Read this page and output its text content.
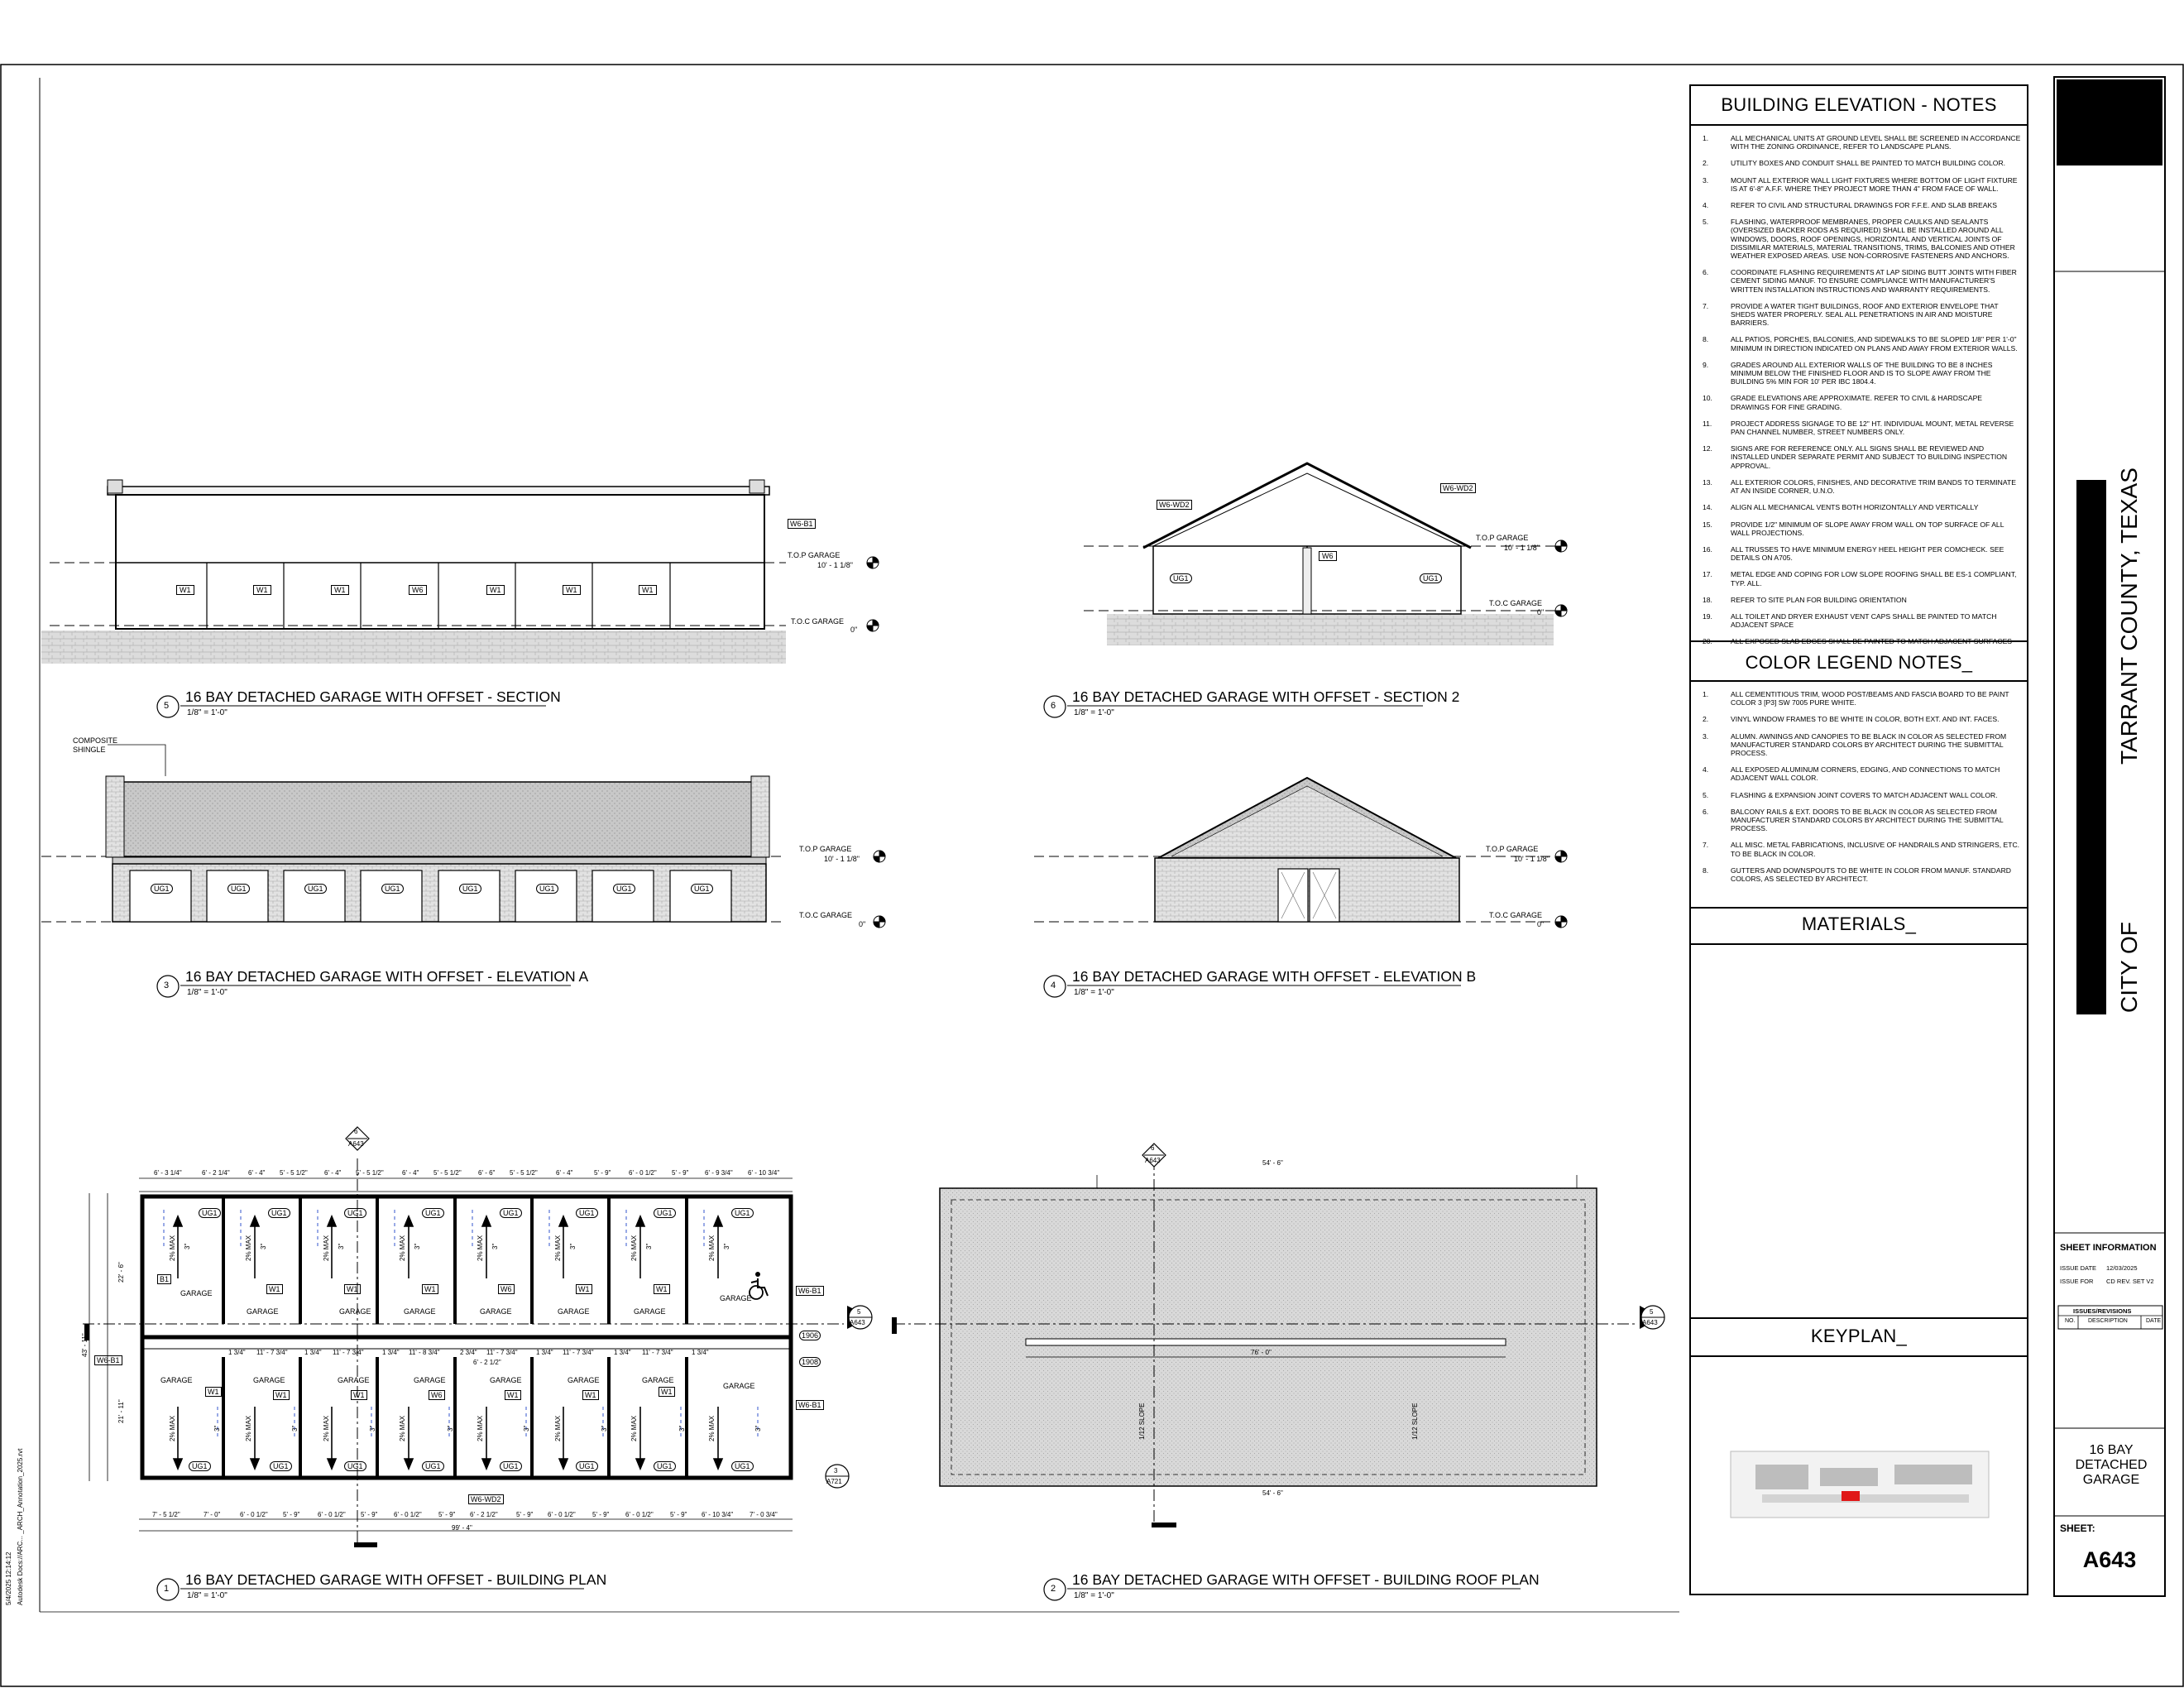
5
16 BAY DETACHED GARAGE WITH OFFSET - SECTION
1/8" = 1'-0"
6
16 BAY DETACHED GARAGE WITH OFFSET - SECTION 2
1/8" = 1'-0"
3
16 BAY DETACHED GARAGE WITH OFFSET - ELEVATION A
1/8" = 1'-0"
4
16 BAY DETACHED GARAGE WITH OFFSET - ELEVATION B
1/8" = 1'-0"
1
16 BAY DETACHED GARAGE WITH OFFSET - BUILDING PLAN
1/8" = 1'-0"
2
16 BAY DETACHED GARAGE WITH OFFSET - BUILDING ROOF PLAN
1/8" = 1'-0"
T.O.P GARAGE
10' - 1 1/8"
T.O.C GARAGE
0"
T.O.P GARAGE
10' - 1 1/8"
T.O.C GARAGE
0"
T.O.P GARAGE
10' - 1 1/8"
T.O.C GARAGE
0"
T.O.P GARAGE
10' - 1 1/8"
T.O.C GARAGE
0"
W6-B1
W1	W1	W1	W6	W1	W1	W1
W6-WD2
W6-WD2
UG1
W6
UG1
COMPOSITE SHINGLE
UG1	UG1	UG1	UG1	UG1	UG1	UG1	UG1
6' - 3 1/4"	6' - 2 1/4"	6' - 4" 5' - 5 1/2"	6' - 4" 5' - 5 1/2"	6' - 4" 5' - 5 1/2"	6' - 6" 5' - 5 1/2"	6' - 4"	5' - 9"	6' - 0 1/2" 5' - 9" 6' - 9 3/4" 6' - 10 3/4"
UG1	UG1	UG1	UG1	UG1	UG1	UG1	UG1
B1
GARAGE	W1
GARAGE
W1
GARAGE
W1
GARAGE
W6
GARAGE
W1
GARAGE
W1
GARAGE
GARAGE
W6-B1
W6-B1
W6-B1
1906
1908
1 3/4" 11' - 7 3/4"	1 3/4" 11' - 7 3/4"	1 3/4" 11' - 8 3/4"	2 3/4" 11' - 7 3/4"	1 3/4" 11' - 7 3/4"	1 3/4" 11' - 7 3/4"	1 3/4"
GARAGE
W1
GARAGE
W1
GARAGE
W1
GARAGE
W6
GARAGE
W1
GARAGE
W1
GARAGE
W1
GARAGE
UG1	UG1	UG1	UG1	UG1	UG1	UG1	UG1
W6-WD2
7' - 5 1/2"	7' - 0"	6' - 0 1/2" 5' - 9"	6' - 0 1/2" 5' - 9" 6' - 0 1/2"	5' - 9" 6' - 2 1/2"	5' - 9" 6' - 0 1/2"	5' - 9" 6' - 0 1/2"	5' - 9" 6' - 10 3/4" 7' - 0 3/4"
99' - 4"
6' - 2 1/2"
43' - 11"
22' - 6"
21' - 11"
2% MAX 3"	2% MAX 3"	2% MAX 3"	2% MAX 3"	2% MAX 3"	2% MAX 3"	2% MAX 3"	2% MAX 3"
2% MAX	3"	2% MAX	3"	2% MAX	3"	2% MAX	3"	2% MAX	3"	2% MAX	3"	2% MAX	3"	2% MAX	3"
6
A643
5
A643
3
A721
54' - 6"
76' - 0"
54' - 6"
1/12 SLOPE	1/12 SLOPE
6
A643
5
A643
Autodesk Docs://ARC... _ARCH_Annotation_2025.rvt
5/4/2025 12:14:12
BUILDING ELEVATION - NOTES
1.	ALL MECHANICAL UNITS AT GROUND LEVEL SHALL BE SCREENED IN ACCORDANCE WITH THE ZONING ORDINANCE, REFER TO LANDSCAPE PLANS.
2.	UTILITY BOXES AND CONDUIT SHALL BE PAINTED TO MATCH BUILDING COLOR.
3.	MOUNT ALL EXTERIOR WALL LIGHT FIXTURES WHERE BOTTOM OF LIGHT FIXTURE IS AT 6'-8" A.F.F. WHERE THEY PROJECT MORE THAN 4" FROM FACE OF WALL.
4.	REFER TO CIVIL AND STRUCTURAL DRAWINGS FOR F.F.E. AND SLAB BREAKS
5.	FLASHING, WATERPROOF MEMBRANES, PROPER CAULKS AND SEALANTS (OVERSIZED BACKER RODS AS REQUIRED) SHALL BE INSTALLED AROUND ALL WINDOWS, DOORS, ROOF OPENINGS, HORIZONTAL AND VERTICAL JOINTS OF DISSIMILAR MATERIALS, MATERIAL TRANSITIONS, TRIMS, BALCONIES AND OTHER WEATHER EXPOSED AREAS. USE NON-CORROSIVE FASTENERS AND ANCHORS.
6.	COORDINATE FLASHING REQUIREMENTS AT LAP SIDING BUTT JOINTS WITH FIBER CEMENT SIDING MANUF. TO ENSURE COMPLIANCE WITH MANUFACTURER'S WRITTEN INSTALLATION INSTRUCTIONS AND WARRANTY REQUIREMENTS.
7.	PROVIDE A WATER TIGHT BUILDINGS, ROOF AND EXTERIOR ENVELOPE THAT SHEDS WATER PROPERLY. SEAL ALL PENETRATIONS IN AIR AND MOISTURE BARRIERS.
8.	ALL PATIOS, PORCHES, BALCONIES, AND SIDEWALKS TO BE SLOPED 1/8" PER 1'-0" MINIMUM IN DIRECTION INDICATED ON PLANS AND AWAY FROM EXTERIOR WALLS.
9.	GRADES AROUND ALL EXTERIOR WALLS OF THE BUILDING TO BE 8 INCHES MINIMUM BELOW THE FINISHED FLOOR AND IS TO SLOPE AWAY FROM THE BUILDING 5% MIN FOR 10' PER IBC 1804.4.
10.	GRADE ELEVATIONS ARE APPROXIMATE. REFER TO CIVIL & HARDSCAPE DRAWINGS FOR FINE GRADING.
11.	PROJECT ADDRESS SIGNAGE TO BE 12" HT. INDIVIDUAL MOUNT, METAL REVERSE PAN CHANNEL NUMBER, STREET NUMBERS ONLY.
12.	SIGNS ARE FOR REFERENCE ONLY. ALL SIGNS SHALL BE REVIEWED AND INSTALLED UNDER SEPARATE PERMIT AND SUBJECT TO BUILDING INSPECTION APPROVAL.
13.	ALL EXTERIOR COLORS, FINISHES, AND DECORATIVE TRIM BANDS TO TERMINATE AT AN INSIDE CORNER, U.N.O.
14.	ALIGN ALL MECHANICAL VENTS BOTH HORIZONTALLY AND VERTICALLY
15.	PROVIDE 1/2" MINIMUM OF SLOPE AWAY FROM WALL ON TOP SURFACE OF ALL WALL PROJECTIONS.
16.	ALL TRUSSES TO HAVE MINIMUM ENERGY HEEL HEIGHT PER COMCHECK. SEE DETAILS ON A705.
17.	METAL EDGE AND COPING FOR LOW SLOPE ROOFING SHALL BE ES-1 COMPLIANT, TYP. ALL.
18.	REFER TO SITE PLAN FOR BUILDING ORIENTATION
19.	ALL TOILET AND DRYER EXHAUST VENT CAPS SHALL BE PAINTED TO MATCH ADJACENT SPACE
20.	ALL EXPOSED SLAB EDGES SHALL BE PAINTED TO MATCH ADJACENT SURFACES
COLOR LEGEND NOTES_
1.	ALL CEMENTITIOUS TRIM, WOOD POST/BEAMS AND FASCIA BOARD TO BE PAINT COLOR 3 [P3] SW 7005 PURE WHITE.
2.	VINYL WINDOW FRAMES TO BE WHITE IN COLOR, BOTH EXT. AND INT. FACES.
3.	ALUMN. AWNINGS AND CANOPIES TO BE BLACK IN COLOR AS SELECTED FROM MANUFACTURER STANDARD COLORS BY ARCHITECT DURING THE SUBMITTAL PROCESS.
4.	ALL EXPOSED ALUMINUM CORNERS, EDGING, AND CONNECTIONS TO MATCH ADJACENT WALL COLOR.
5.	FLASHING & EXPANSION JOINT COVERS TO MATCH ADJACENT WALL COLOR.
6.	BALCONY RAILS & EXT. DOORS TO BE BLACK IN COLOR AS SELECTED FROM MANUFACTURER STANDARD COLORS BY ARCHITECT DURING THE SUBMITTAL PROCESS.
7.	ALL MISC. METAL FABRICATIONS, INCLUSIVE OF HANDRAILS AND STRINGERS, ETC. TO BE BLACK IN COLOR.
8.	GUTTERS AND DOWNSPOUTS TO BE WHITE IN COLOR FROM MANUF. STANDARD COLORS, AS SELECTED BY ARCHITECT.
MATERIALS_
KEYPLAN_
CITY OF
TARRANT COUNTY, TEXAS
SHEET INFORMATION
ISSUE DATE 12/03/2025
ISSUE FOR CD REV. SET V2
ISSUES/REVISIONS
NO. DESCRIPTION	DATE
16 BAY DETACHED GARAGE
SHEET:
A643
